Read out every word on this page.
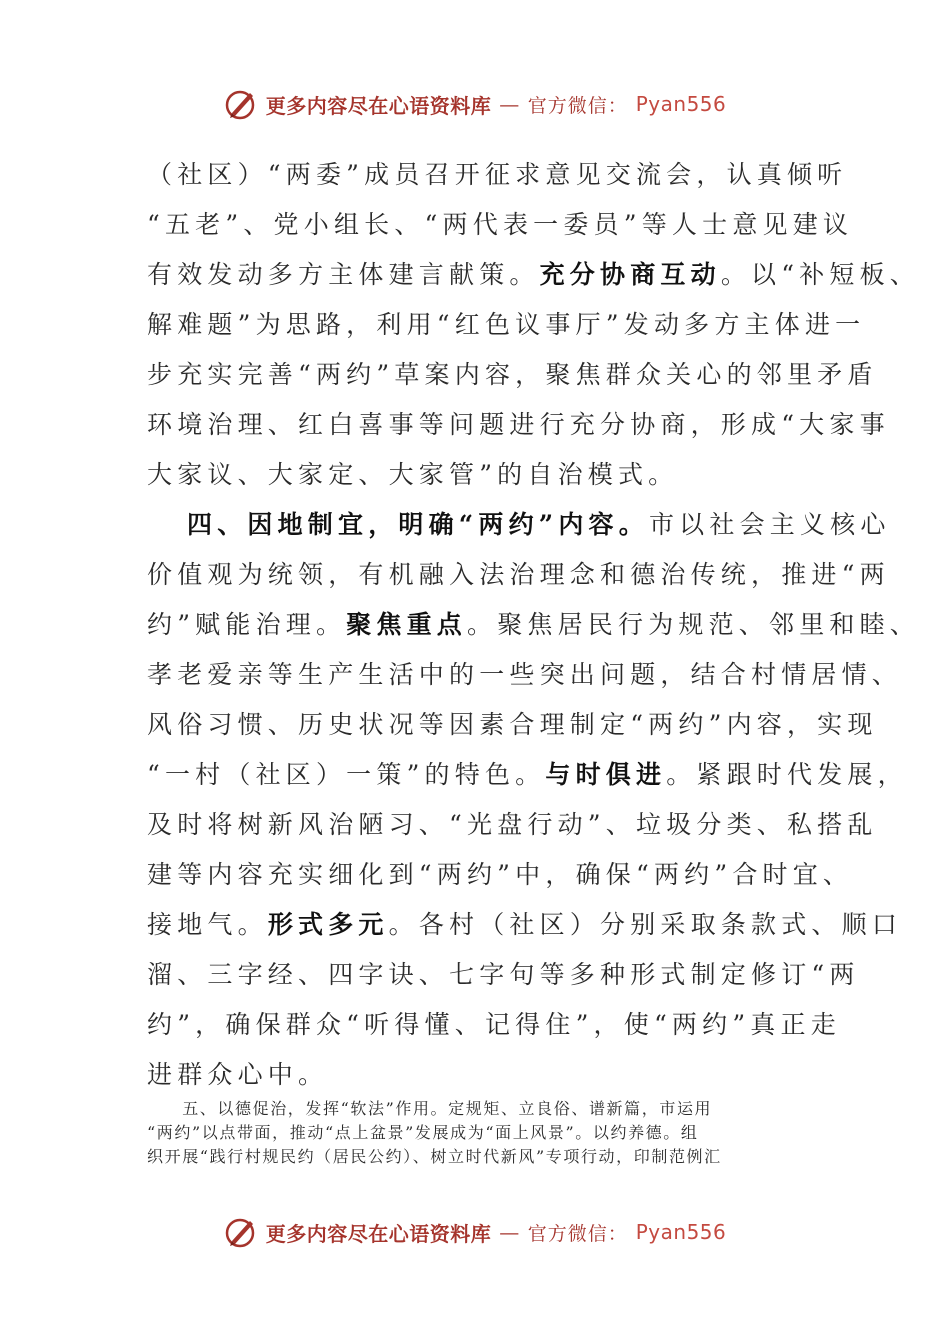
更多内容尽在心语资料库 — 官方微信： Pyan556
（社区）“两委”成员召开征求意见交流会，认真倾听
“五老”、党小组长、“两代表一委员”等人士意见建议
有效发动多方主体建言献策。充分协商互动。以“补短板、
解难题”为思路，利用“红色议事厅”发动多方主体进一
步充实完善“两约”草案内容，聚焦群众关心的邻里矛盾
环境治理、红白喜事等问题进行充分协商，形成“大家事
大家议、大家定、大家管”的自治模式。
四、因地制宜，明确“两约”内容。市以社会主义核心
价值观为统领，有机融入法治理念和德治传统，推进“两
约”赋能治理。聚焦重点。聚焦居民行为规范、邻里和睦、
孝老爱亲等生产生活中的一些突出问题，结合村情居情、
风俗习惯、历史状况等因素合理制定“两约”内容，实现
“一村（社区）一策”的特色。与时俱进。紧跟时代发展，
及时将树新风治陋习、“光盘行动”、垃圾分类、私搭乱
建等内容充实细化到“两约”中，确保“两约”合时宜、
接地气。形式多元。各村（社区）分别采取条款式、顺口
溜、三字经、四字诀、七字句等多种形式制定修订“两
约”，确保群众“听得懂、记得住”，使“两约”真正走
进群众心中。
　　五、以德促治，发挥“软法”作用。定规矩、立良俗、谱新篇，市运用
“两约”以点带面，推动“点上盆景”发展成为“面上风景”。以约养德。组
织开展“践行村规民约（居民公约）、树立时代新风”专项行动，印制范例汇
更多内容尽在心语资料库 — 官方微信： Pyan556
